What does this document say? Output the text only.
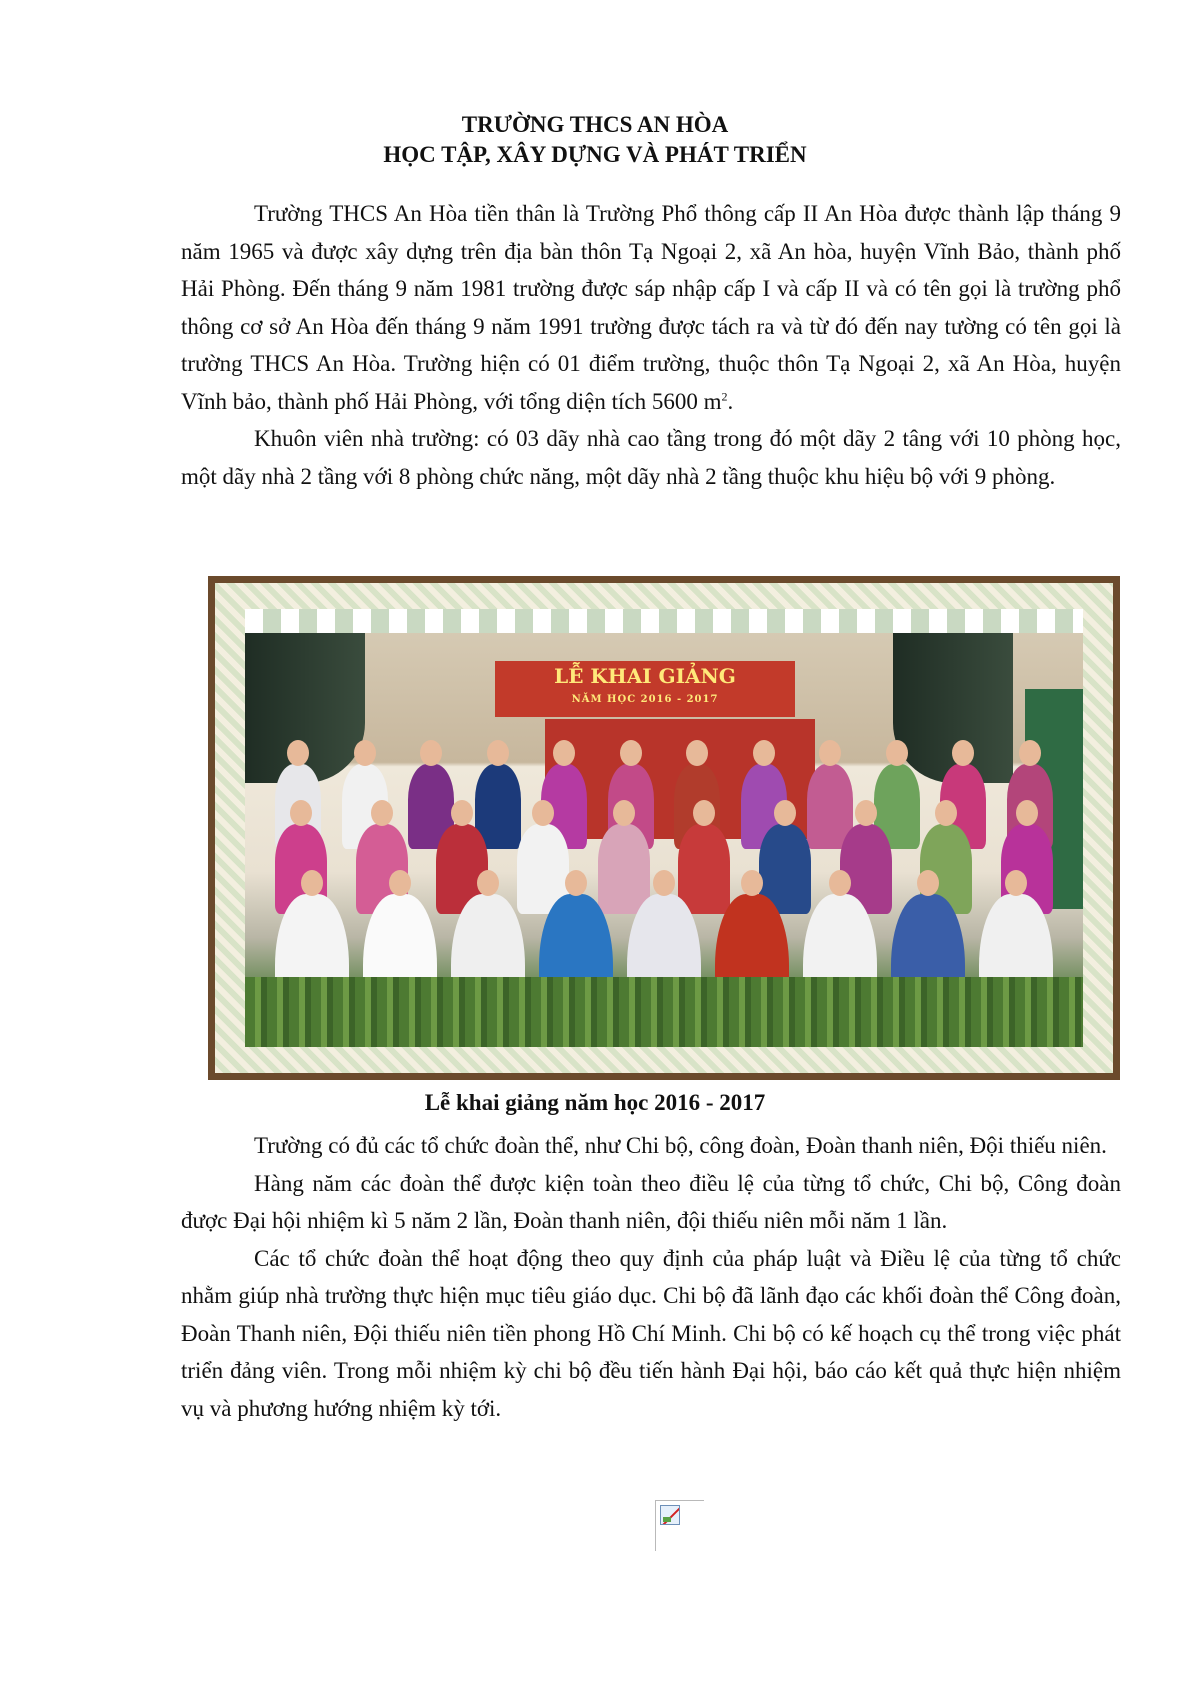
TRƯỜNG THCS AN HÒA
HỌC TẬP, XÂY DỰNG VÀ PHÁT TRIỂN

Trường THCS An Hòa tiền thân là Trường Phổ thông cấp II An Hòa được thành lập tháng 9 năm 1965 và được xây dựng trên địa bàn thôn Tạ Ngoại 2, xã An hòa, huyện Vĩnh Bảo, thành phố Hải Phòng. Đến tháng 9 năm 1981 trường được sáp nhập cấp I và cấp II và có tên gọi là trường phổ thông cơ sở An Hòa đến tháng 9 năm 1991 trường được tách ra và từ đó đến nay tường có tên gọi là trường THCS An Hòa. Trường hiện có 01 điểm trường, thuộc thôn Tạ Ngoại 2, xã An Hòa, huyện Vĩnh bảo, thành phố Hải Phòng, với tổng diện tích 5600 $m^2$.

Khuôn viên nhà trường: có 03 dãy nhà cao tầng trong đó một dãy 2 tâng với 10 phòng học, một dãy nhà 2 tầng với 8 phòng chức năng, một dãy nhà 2 tầng thuộc khu hiệu bộ với 9 phòng.

LỄ KHAI GIẢNG
NĂM HỌC 2016 - 2017
Lễ khai giảng năm học 2016 - 2017

Trường có đủ các tổ chức đoàn thể, như Chi bộ, công đoàn, Đoàn thanh niên, Đội thiếu niên.

Hàng năm các đoàn thể được kiện toàn theo điều lệ của từng tổ chức, Chi bộ, Công đoàn được Đại hội nhiệm kì 5 năm 2 lần, Đoàn thanh niên, đội thiếu niên mỗi năm 1 lần.

Các tổ chức đoàn thể hoạt động theo quy định của pháp luật và Điều lệ của từng tổ chức nhằm giúp nhà trường thực hiện mục tiêu giáo dục. Chi bộ đã lãnh đạo các khối đoàn thể Công đoàn, Đoàn Thanh niên, Đội thiếu niên tiền phong Hồ Chí Minh. Chi bộ có kế hoạch cụ thể trong việc phát triển đảng viên. Trong mỗi nhiệm kỳ chi bộ đều tiến hành Đại hội, báo cáo kết quả thực hiện nhiệm vụ và phương hướng nhiệm kỳ tới.
